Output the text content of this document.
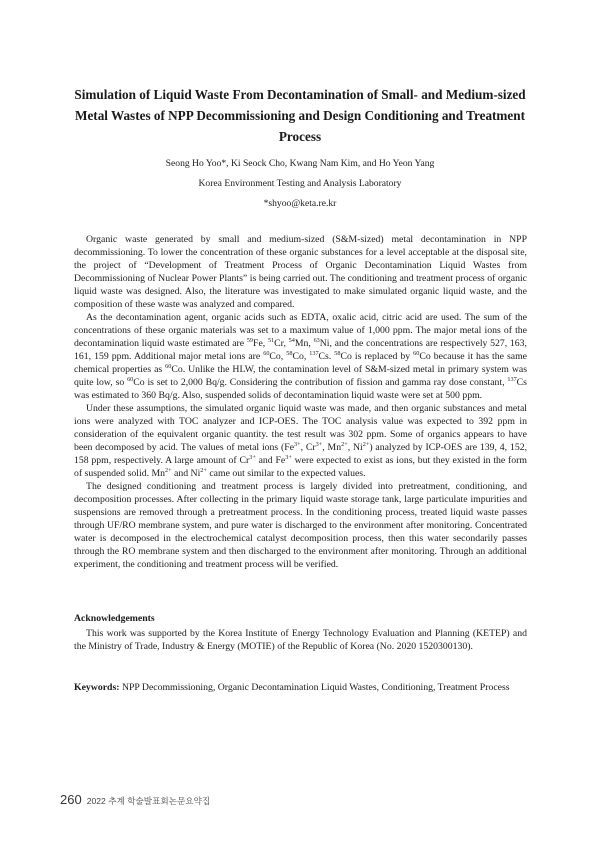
Simulation of Liquid Waste From Decontamination of Small- and Medium-sized Metal Wastes of NPP Decommissioning and Design Conditioning and Treatment Process
Seong Ho Yoo*, Ki Seock Cho, Kwang Nam Kim, and Ho Yeon Yang
Korea Environment Testing and Analysis Laboratory
*shyoo@keta.re.kr

Organic waste generated by small and medium-sized (S&M-sized) metal decontamination in NPP decommissioning. To lower the concentration of these organic substances for a level acceptable at the disposal site, the project of “Development of Treatment Process of Organic Decontamination Liquid Wastes from Decommissioning of Nuclear Power Plants” is being carried out. The conditioning and treatment process of organic liquid waste was designed. Also, the literature was investigated to make simulated organic liquid waste, and the composition of these waste was analyzed and compared.

As the decontamination agent, organic acids such as EDTA, oxalic acid, citric acid are used. The sum of the concentrations of these organic materials was set to a maximum value of 1,000 ppm. The major metal ions of the decontamination liquid waste estimated are $^{59}$Fe, $^{51}$Cr, $^{54}$Mn, $^{63}$Ni, and the concentrations are respectively 527, 163, 161, 159 ppm. Additional major metal ions are $^{60}$Co, $^{58}$Co, $^{137}$Cs. $^{58}$Co is replaced by $^{60}$Co because it has the same chemical properties as $^{60}$Co. Unlike the HLW, the contamination level of S&M-sized metal in primary system was quite low, so $^{60}$Co is set to 2,000 Bq/g. Considering the contribution of fission and gamma ray dose constant, $^{137}$Cs was estimated to 360 Bq/g. Also, suspended solids of decontamination liquid waste were set at 500 ppm.

Under these assumptions, the simulated organic liquid waste was made, and then organic substances and metal ions were analyzed with TOC analyzer and ICP-OES. The TOC analysis value was expected to 392 ppm in consideration of the equivalent organic quantity. the test result was 302 ppm. Some of organics appears to have been decomposed by acid. The values of metal ions ($Fe^{3+}$, $Cr^{3+}$, $Mn^{2+}$, $Ni^{2+}$) analyzed by ICP-OES are 139, 4, 152, 158 ppm, respectively. A large amount of $Cr^{3+}$ and $Fe^{3+}$ were expected to exist as ions, but they existed in the form of suspended solid. $Mn^{2+}$ and $Ni^{2+}$ came out similar to the expected values.

The designed conditioning and treatment process is largely divided into pretreatment, conditioning, and decomposition processes. After collecting in the primary liquid waste storage tank, large particulate impurities and suspensions are removed through a pretreatment process. In the conditioning process, treated liquid waste passes through UF/RO membrane system, and pure water is discharged to the environment after monitoring. Concentrated water is decomposed in the electrochemical catalyst decomposition process, then this water secondarily passes through the RO membrane system and then discharged to the environment after monitoring. Through an additional experiment, the conditioning and treatment process will be verified.

Acknowledgements
This work was supported by the Korea Institute of Energy Technology Evaluation and Planning (KETEP) and the Ministry of Trade, Industry & Energy (MOTIE) of the Republic of Korea (No. 2020 1520300130).
Keywords: NPP Decommissioning, Organic Decontamination Liquid Wastes, Conditioning, Treatment Process
260 2022 추계 학술발표회논문요약집
